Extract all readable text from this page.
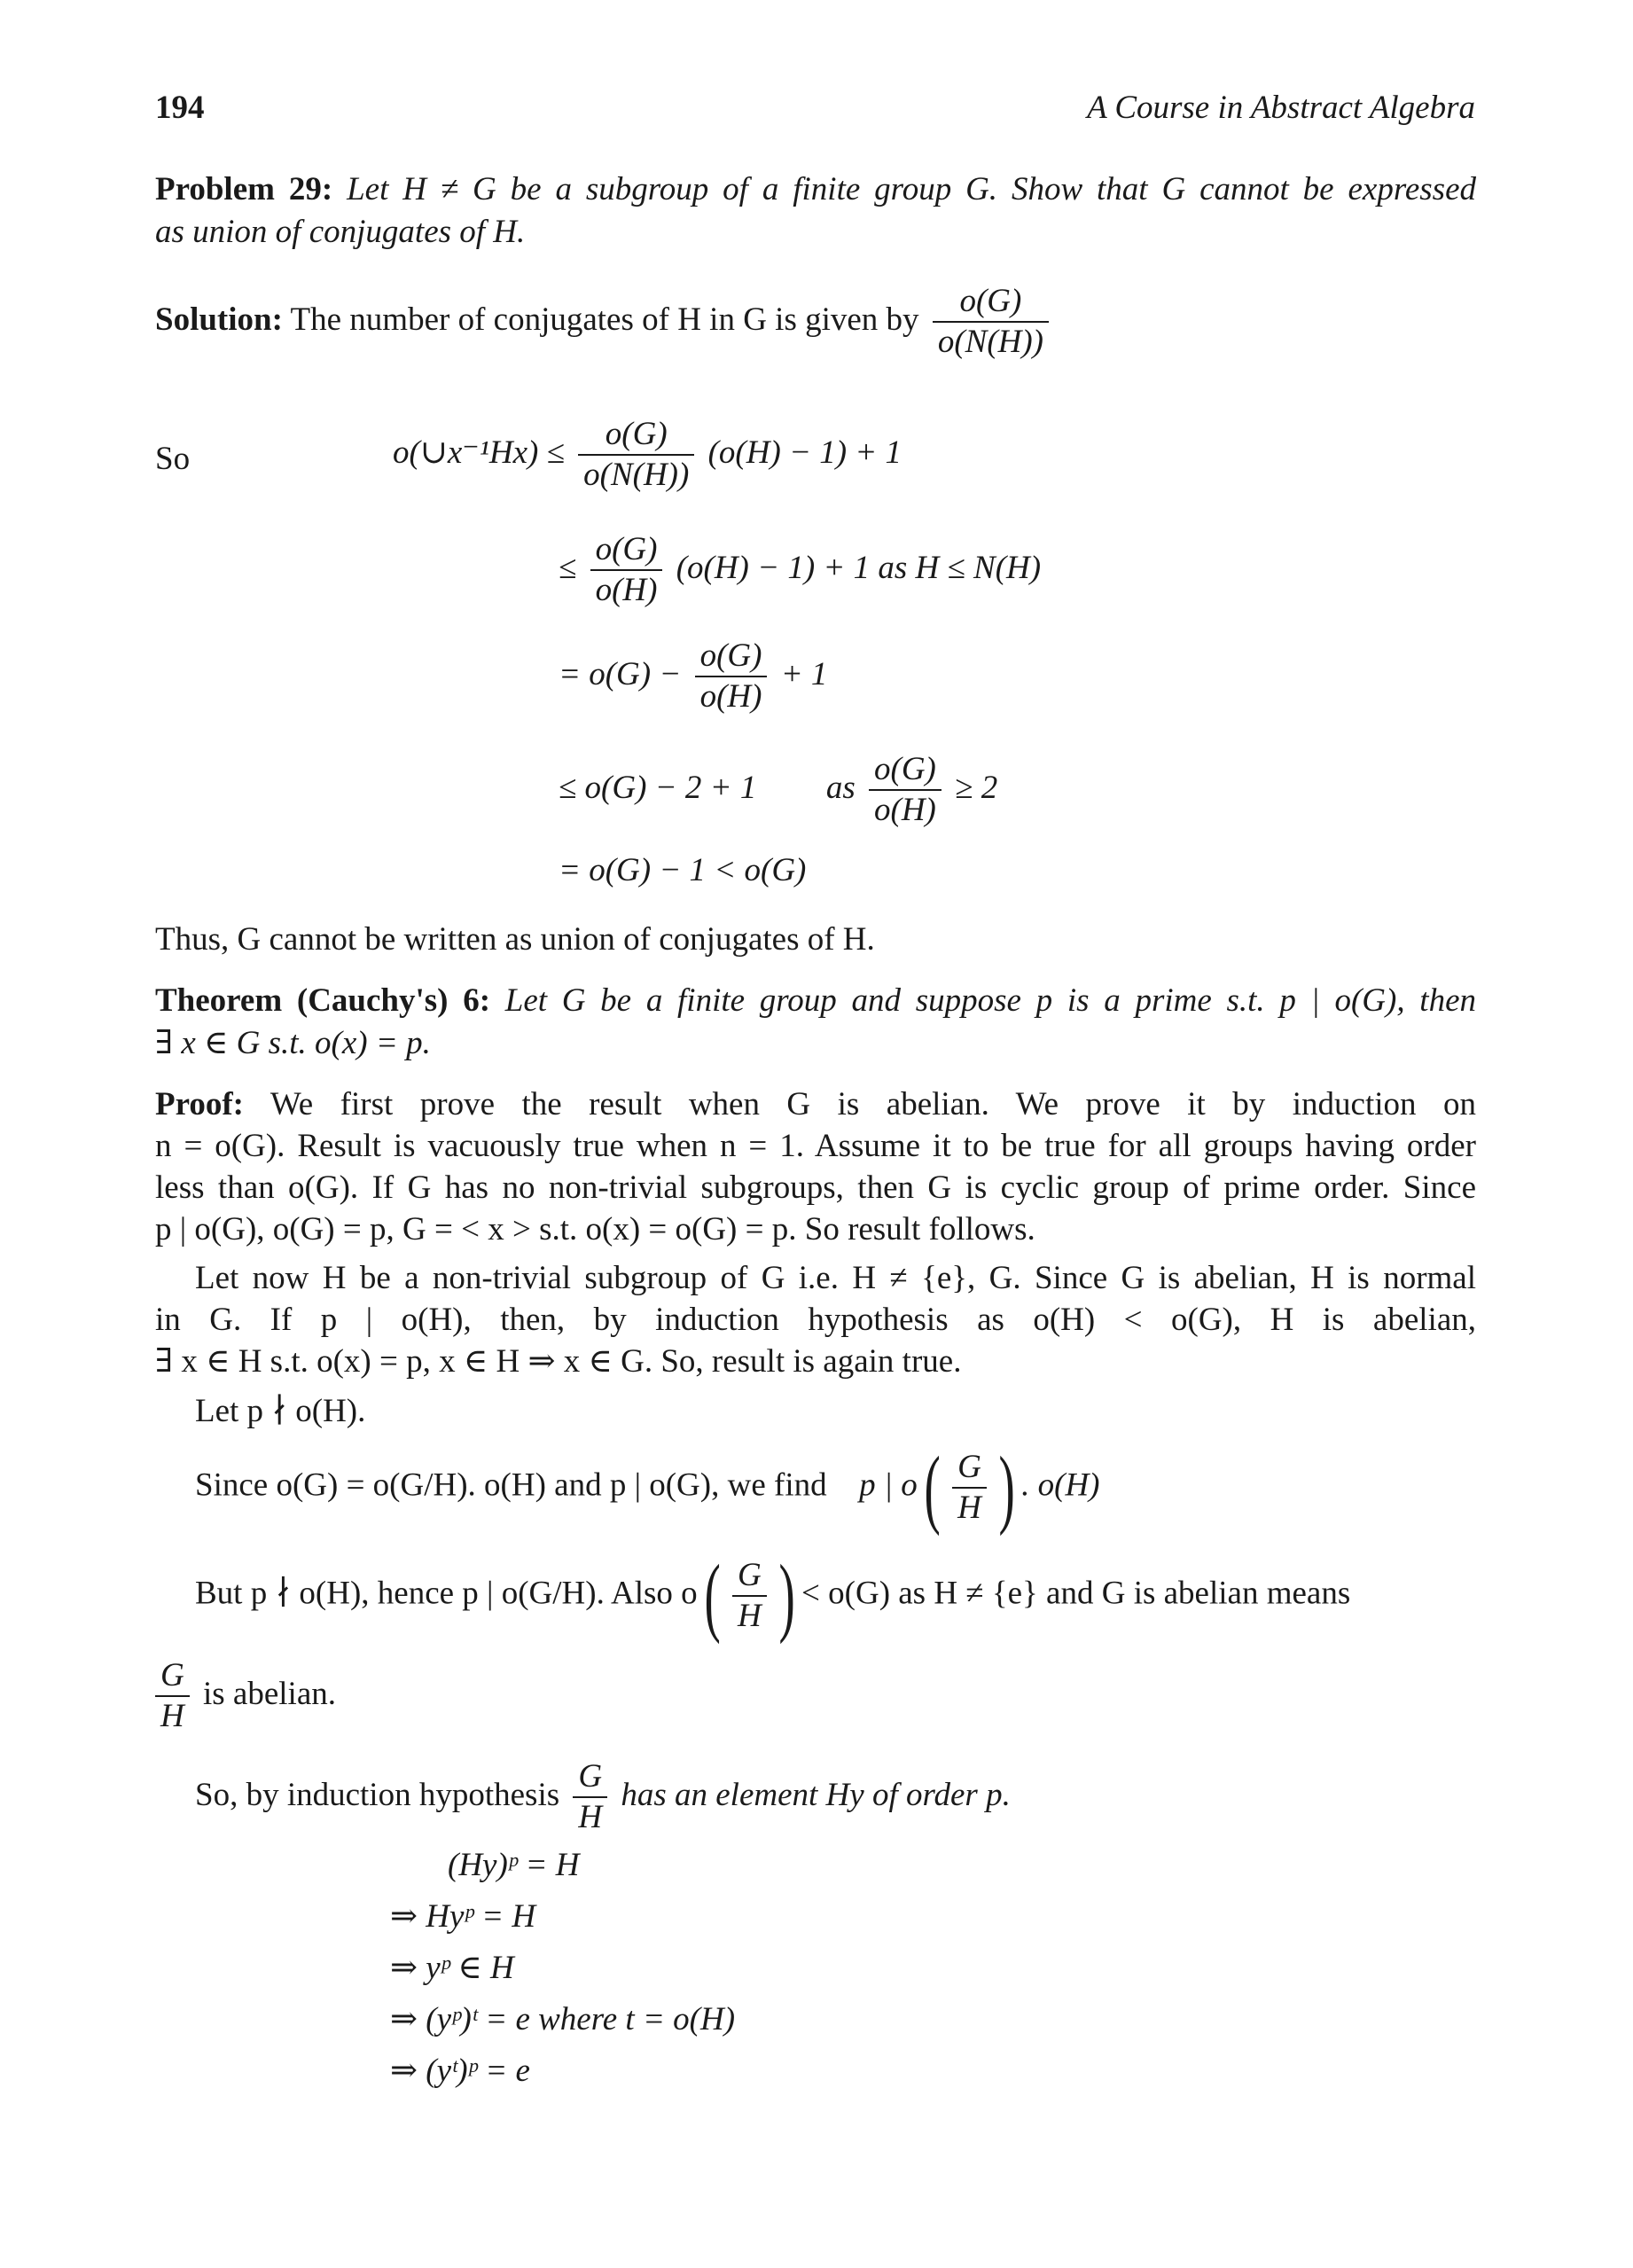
194	A Course in Abstract Algebra
Problem 29: Let H ≠ G be a subgroup of a finite group G. Show that G cannot be expressed
as union of conjugates of H.
Solution: The number of conjugates of H in G is given by $\frac{o(G)}{o(N(H))}$
So	o(∪x⁻¹Hx) ≤ $\frac{o(G)}{o(N(H))} (o(H) - 1) + 1$
≤ $\frac{o(G)}{o(H)} (o(H) - 1) + 1$ as H ≤ N(H)
= $o(G) - \frac{o(G)}{o(H)} + 1$
≤ o(G) − 2 + 1 as $\frac{o(G)}{o(H)} \ge 2$
= o(G) − 1 < o(G)
Thus, G cannot be written as union of conjugates of H.
Theorem (Cauchy's) 6: Let G be a finite group and suppose p is a prime s.t. p | o(G), then
∃ x ∈ G s.t. o(x) = p.
Proof: We first prove the result when G is abelian. We prove it by induction on
n = o(G). Result is vacuously true when n = 1. Assume it to be true for all groups having order
less than o(G). If G has no non-trivial subgroups, then G is cyclic group of prime order. Since
p | o(G), o(G) = p, G = < x > s.t. o(x) = o(G) = p. So result follows.
Let now H be a non-trivial subgroup of G i.e. H ≠ {e}, G. Since G is abelian, H is normal
in G. If p | o(H), then, by induction hypothesis as o(H) < o(G), H is abelian,
∃ x ∈ H s.t. o(x) = p, x ∈ H ⇒ x ∈ G. So, result is again true.
Let p ∤ o(H).
Since o(G) = o(G/H). o(H) and p | o(G), we find p | $o( \frac{G}{H}$ ) . o(H)
But p ∤ o(H), hence p | o(G/H). Also $o( \frac{G}{H}$ ) < o(G) as H ≠ {e} and G is abelian means
$\frac{G}{H}$ is abelian.
So, by induction hypothesis $\frac{G}{H}$ has an element Hy of order p.
(Hy)ᵖ = H
⇒ Hyᵖ = H
⇒ yᵖ ∈ H
⇒ (yᵖ)ᵗ = e where t = o(H)
⇒ (yᵗ)ᵖ = e
